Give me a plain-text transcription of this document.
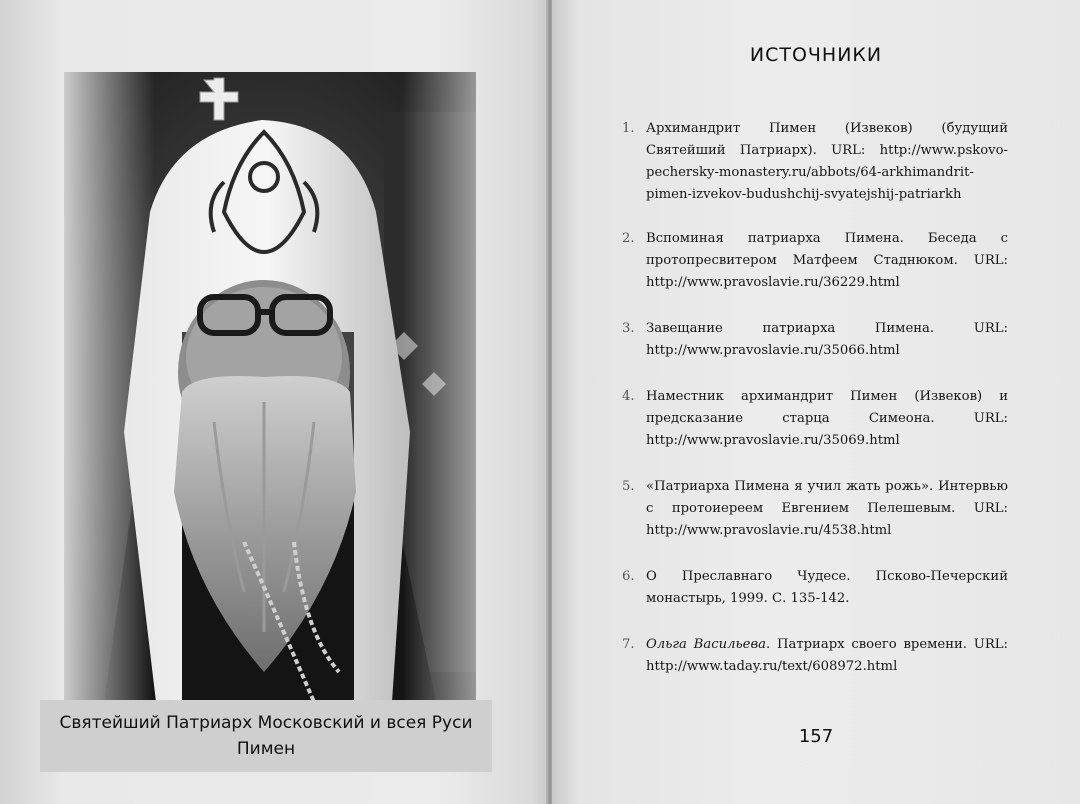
Святейший Патриарх Московский и всея Руси
Пимен
ИСТОЧНИКИ
1. Архимандрит Пимен (Извеков) (будущий Святейший Патриарх). URL: http://www.pskovo-pechersky-monastery.ru/abbots/64-arkhimandrit-pimen-izvekov-budushchij-svyatejshij-patriarkh
2. Вспоминая патриарха Пимена. Беседа с протопресвитером Матфеем Стаднюком. URL: http://www.pravoslavie.ru/36229.html
3. Завещание патриарха Пимена. URL: http://www.pravoslavie.ru/35066.html
4. Наместник архимандрит Пимен (Извеков) и предсказание старца Симеона. URL: http://www.pravoslavie.ru/35069.html
5. «Патриарха Пимена я учил жать рожь». Интервью с протоиереем Евгением Пелешевым. URL: http://www.pravoslavie.ru/4538.html
6. О Преславнаго Чудесе. Псково-Печерский монастырь, 1999. С. 135-142.
7. Ольга Васильева. Патриарх своего времени. URL: http://www.taday.ru/text/608972.html
157
